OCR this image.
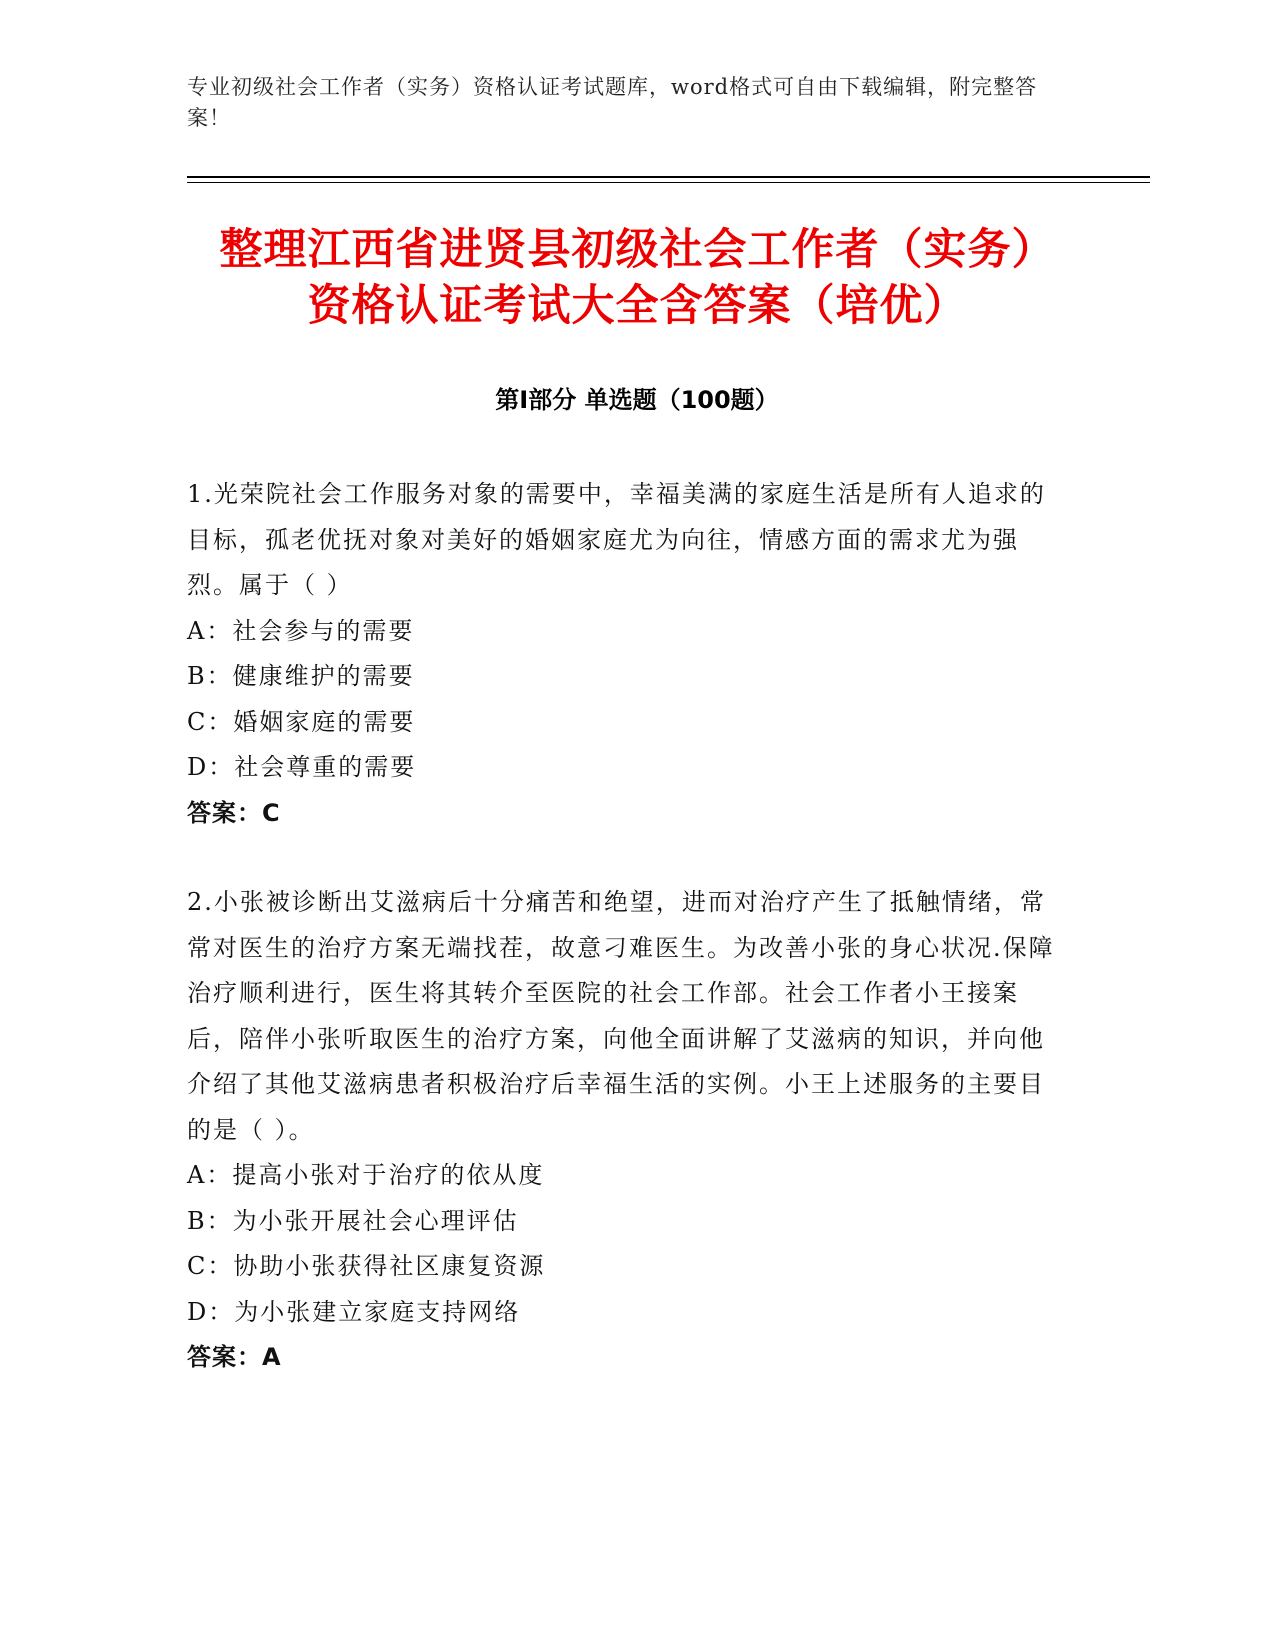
专业初级社会工作者（实务）资格认证考试题库，word格式可自由下载编辑，附完整答案！
整理江西省进贤县初级社会工作者（实务）
资格认证考试大全含答案（培优）
第Ⅰ部分 单选题（100题）

1.光荣院社会工作服务对象的需要中，幸福美满的家庭生活是所有人追求的目标，孤老优抚对象对美好的婚姻家庭尤为向往，情感方面的需求尤为强烈。属于（ ）

A：社会参与的需要

B：健康维护的需要

C：婚姻家庭的需要

D：社会尊重的需要

答案：C

2.小张被诊断出艾滋病后十分痛苦和绝望，进而对治疗产生了抵触情绪，常常对医生的治疗方案无端找茬，故意刁难医生。为改善小张的身心状况.保障治疗顺利进行，医生将其转介至医院的社会工作部。社会工作者小王接案后，陪伴小张听取医生的治疗方案，向他全面讲解了艾滋病的知识，并向他介绍了其他艾滋病患者积极治疗后幸福生活的实例。小王上述服务的主要目的是（ ）。

A：提高小张对于治疗的依从度

B：为小张开展社会心理评估

C：协助小张获得社区康复资源

D：为小张建立家庭支持网络

答案：A
